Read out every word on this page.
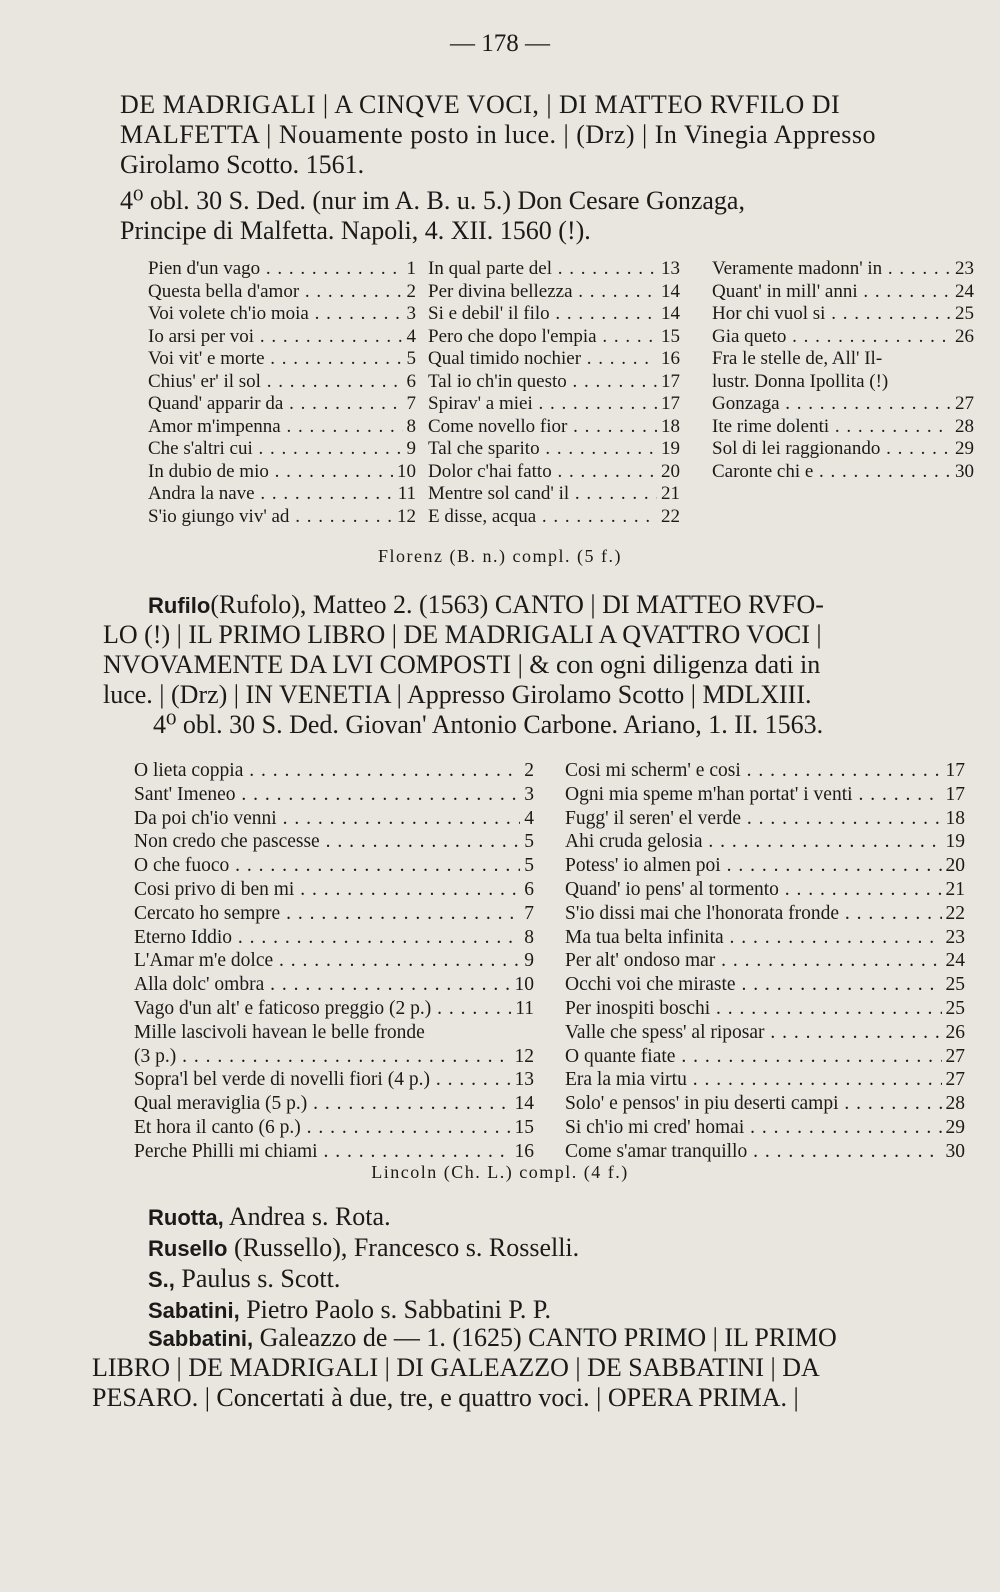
— 178 —
DE MADRIGALI | A CINQVE VOCI, | DI MATTEO RVFILO DI
MALFETTA | Nouamente posto in luce. | (Drz) | In Vinegia Appresso
Girolamo Scotto. 1561.
4⁰ obl. 30 S. Ded. (nur im A. B. u. 5.) Don Cesare Gonzaga,
Principe di Malfetta. Napoli, 4. XII. 1560 (!).
Pien d'un vago . . .	1
Questa bella d'amor . . .	2
Voi volete ch'io moia . . .	3
Io arsi per voi . . .	4
Voi vit' e morte . . .	5
Chius' er' il sol . . .	6
Quand' apparir da . . .	7
Amor m'impenna . . .	8
Che s'altri cui . . .	9
In dubio de mio . . .	10
Andra la nave . . .	11
S'io giungo viv' ad . . .	12
In qual parte del . . .	13
Per divina bellezza . . .	14
Si e debil' il filo . . .	14
Pero che dopo l'empia . . .	15
Qual timido nochier . . .	16
Tal io ch'in questo . . .	17
Spirav' a miei . . .	17
Come novello fior . . .	18
Tal che sparito . . .	19
Dolor c'hai fatto . . .	20
Mentre sol cand' il . . .	21
E disse, acqua . . .	22
Veramente madonn' in . . .	23
Quant' in mill' anni . . .	24
Hor chi vuol si . . .	25
Gia queto . . .	26
Fra le stelle de, All' Il-
lustr. Donna Ipollita (!)
Gonzaga . . .	27
Ite rime dolenti . . .	28
Sol di lei raggionando . . .	29
Caronte chi e . . .	30
Florenz (B. n.) compl. (5 f.)
Rufilo(Rufolo), Matteo 2. (1563) CANTO | DI MATTEO RVFO-
LO (!) | IL PRIMO LIBRO | DE MADRIGALI A QVATTRO VOCI |
NVOVAMENTE DA LVI COMPOSTI | & con ogni diligenza dati in
luce. | (Drz) | IN VENETIA | Appresso Girolamo Scotto | MDLXIII.
4⁰ obl. 30 S. Ded. Giovan' Antonio Carbone. Ariano, 1. II. 1563.
O lieta coppia . . .	2
Sant' Imeneo . . .	3
Da poi ch'io venni . . .	4
Non credo che pascesse . . .	5
O che fuoco . . .	5
Cosi privo di ben mi . . .	6
Cercato ho sempre . . .	7
Eterno Iddio . . .	8
L'Amar m'e dolce . . .	9
Alla dolc' ombra . . .	10
Vago d'un alt' e faticoso preggio (2 p.) . . .	11
Mille lascivoli havean le belle fronde
(3 p.) . . .	12
Sopra'l bel verde di novelli fiori (4 p.) . . .	13
Qual meraviglia (5 p.) . . .	14
Et hora il canto (6 p.) . . .	15
Perche Philli mi chiami . . .	16
Cosi mi scherm' e cosi . . .	17
Ogni mia speme m'han portat' i venti . . .	17
Fugg' il seren' el verde . . .	18
Ahi cruda gelosia . . .	19
Potess' io almen poi . . .	20
Quand' io pens' al tormento . . .	21
S'io dissi mai che l'honorata fronde . . .	22
Ma tua belta infinita . . .	23
Per alt' ondoso mar . . .	24
Occhi voi che miraste . . .	25
Per inospiti boschi . . .	25
Valle che spess' al riposar . . .	26
O quante fiate . . .	27
Era la mia virtu . . .	27
Solo' e pensos' in piu deserti campi . . .	28
Si ch'io mi cred' homai . . .	29
Come s'amar tranquillo . . .	30
Lincoln (Ch. L.) compl. (4 f.)
Ruotta, Andrea s. Rota.
Rusello (Russello), Francesco s. Rosselli.
S., Paulus s. Scott.
Sabatini, Pietro Paolo s. Sabbatini P. P.
Sabbatini, Galeazzo de — 1. (1625) CANTO PRIMO | IL PRIMO
LIBRO | DE MADRIGALI | DI GALEAZZO | DE SABBATINI | DA
PESARO. | Concertati à due, tre, e quattro voci. | OPERA PRIMA. |
